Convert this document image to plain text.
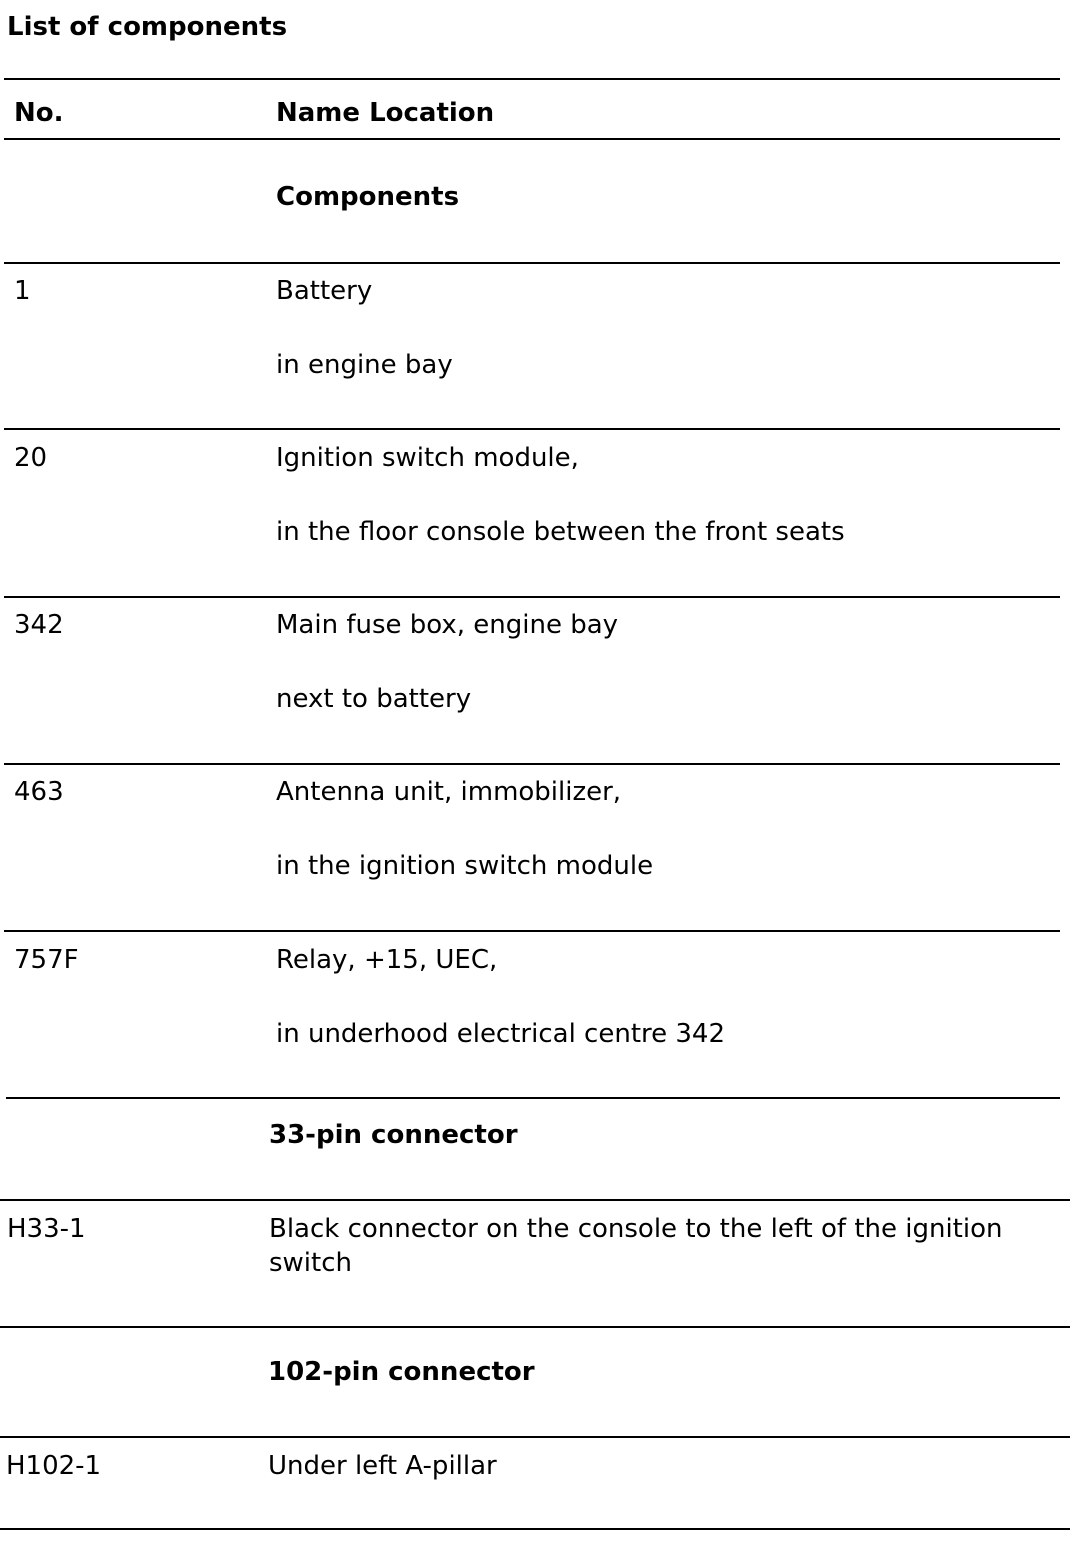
List of components
No.	Name Location
Components
1	Battery
in engine bay
20	Ignition switch module,
in the floor console between the front seats
342	Main fuse box, engine bay
next to battery
463	Antenna unit, immobilizer,
in the ignition switch module
757F	Relay, +15, UEC,
in underhood electrical centre 342
33-pin connector
H33-1	Black connector on the console to the left of the ignition switch
102-pin connector
H102-1	Under left A-pillar
